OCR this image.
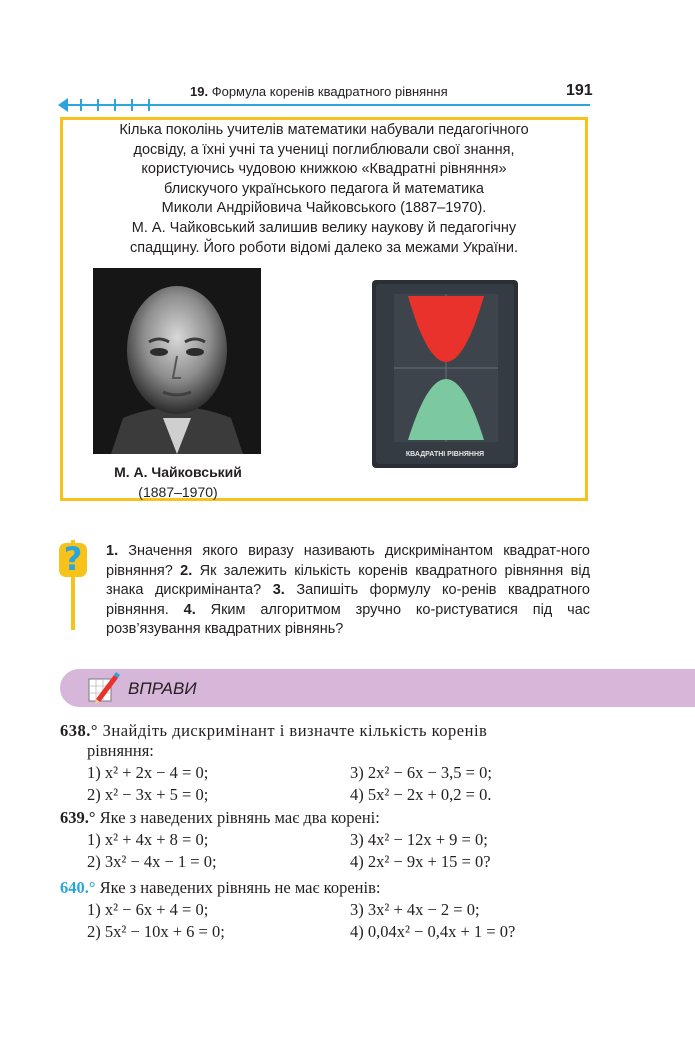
19. Формула коренів квадратного рівняння	191

Кілька поколінь учителів математики набували педагогічного

досвіду, а їхні учні та учениці поглиблювали свої знання,

користуючись чудовою книжкою «Квадратні рівняння»

блискучого українського педагога й математика

Миколи Андрійовича Чайковського (1887–1970).

М. А. Чайковський залишив велику наукову й педагогічну

спадщину. Його роботи відомі далеко за межами України.

М. А. Чайковський
(1887–1970)
КВАДРАТНІ РІВНЯННЯ
?	1. Значення якого виразу називають дискримінантом квадрат-ного рівняння? 2. Як залежить кількість коренів квадратного рівняння від знака дискримінанта? 3. Запишіть формулу ко-ренів квадратного рівняння. 4. Яким алгоритмом зручно ко-ристуватися під час розв’язування квадратних рівнянь?
ВПРАВИ
638.° Знайдіть дискримінант і визначте кількість коренів
рівняння:
1) x² + 2x − 4 = 0;	3) 2x² − 6x − 3,5 = 0;
2) x² − 3x + 5 = 0;	4) 5x² − 2x + 0,2 = 0.
639.° Яке з наведених рівнянь має два корені:
1) x² + 4x + 8 = 0;	3) 4x² − 12x + 9 = 0;
2) 3x² − 4x − 1 = 0;	4) 2x² − 9x + 15 = 0?
640.° Яке з наведених рівнянь не має коренів:
1) x² − 6x + 4 = 0;	3) 3x² + 4x − 2 = 0;
2) 5x² − 10x + 6 = 0;	4) 0,04x² − 0,4x + 1 = 0?
